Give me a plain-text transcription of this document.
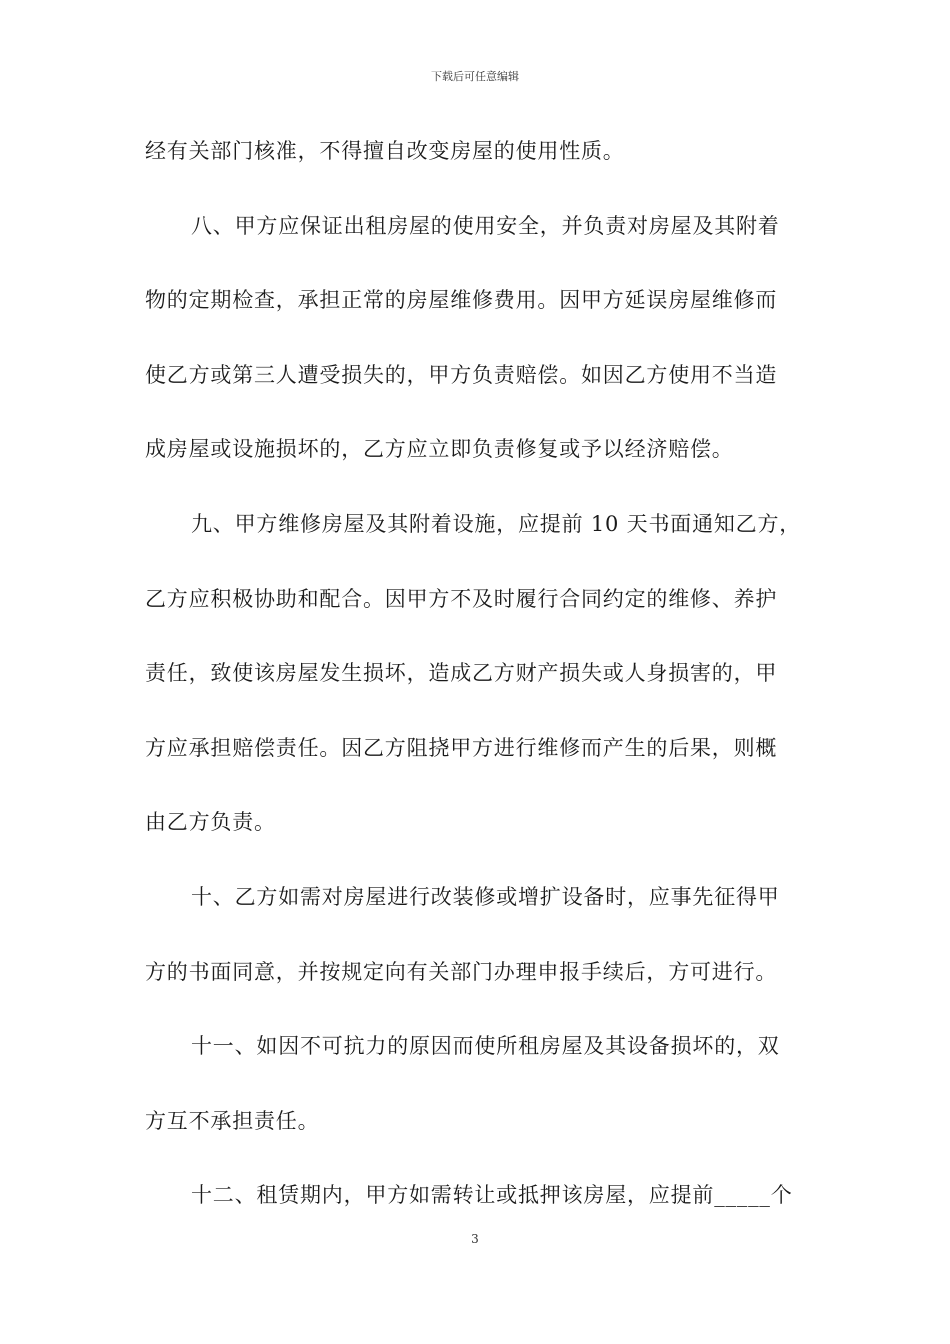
下载后可任意编辑
经有关部门核准，不得擅自改变房屋的使用性质。
八、甲方应保证出租房屋的使用安全，并负责对房屋及其附着
物的定期检查，承担正常的房屋维修费用。因甲方延误房屋维修而
使乙方或第三人遭受损失的，甲方负责赔偿。如因乙方使用不当造
成房屋或设施损坏的，乙方应立即负责修复或予以经济赔偿。
九、甲方维修房屋及其附着设施，应提前 10 天书面通知乙方，
乙方应积极协助和配合。因甲方不及时履行合同约定的维修、养护
责任，致使该房屋发生损坏，造成乙方财产损失或人身损害的，甲
方应承担赔偿责任。因乙方阻挠甲方进行维修而产生的后果，则概
由乙方负责。
十、乙方如需对房屋进行改装修或增扩设备时，应事先征得甲
方的书面同意，并按规定向有关部门办理申报手续后，方可进行。
十一、如因不可抗力的原因而使所租房屋及其设备损坏的，双
方互不承担责任。
十二、租赁期内，甲方如需转让或抵押该房屋，应提前_____个
3
